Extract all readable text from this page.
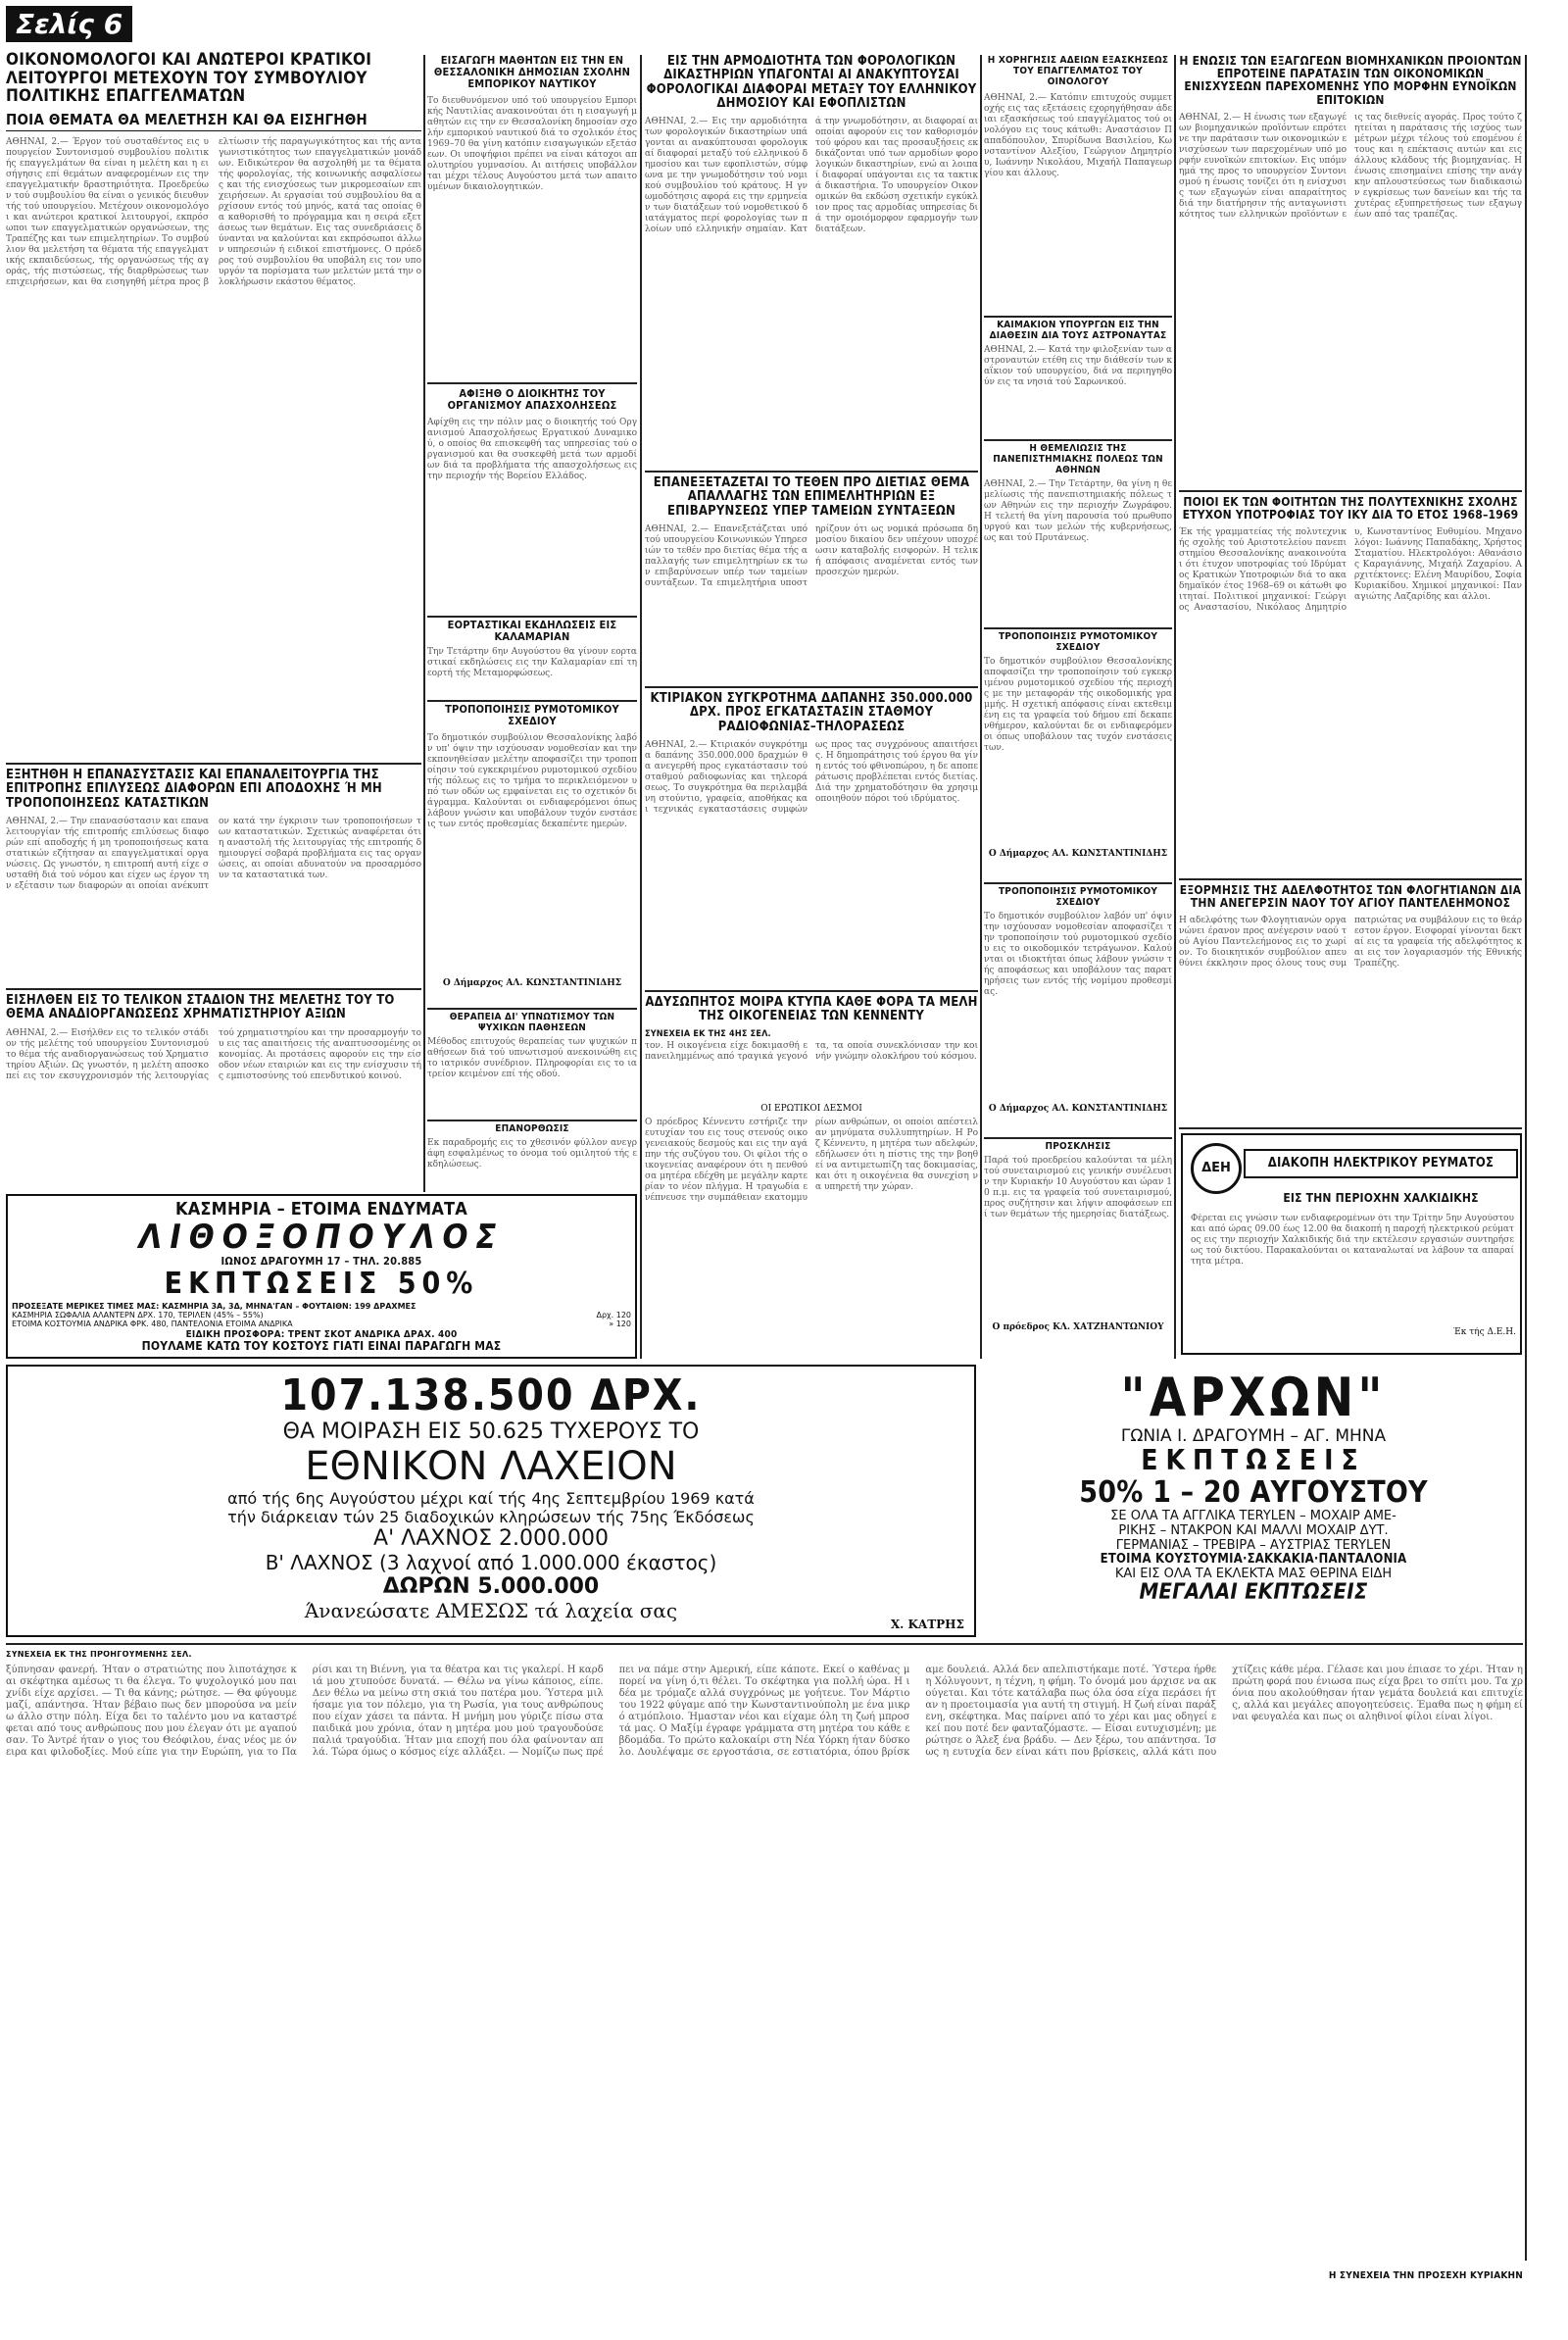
Σελίς 6
ΟΙΚΟΝΟΜΟΛΟΓΟΙ ΚΑΙ ΑΝΩΤΕΡΟΙ ΚΡΑΤΙΚΟΙ ΛΕΙΤΟΥΡΓΟΙ ΜΕΤΕΧΟΥΝ ΤΟΥ ΣΥΜΒΟΥΛΙΟΥ ΠΟΛΙΤΙΚΗΣ ΕΠΑΓΓΕΛΜΑΤΩΝ
ΠΟΙΑ ΘΕΜΑΤΑ ΘΑ ΜΕΛΕΤΗΣΗ ΚΑΙ ΘΑ ΕΙΣΗΓΗΘΗ
ΑΘΗΝΑΙ, 2.— Έργον τού συσταθέντος εις υπουργείον Συντονισμού συμβουλίου πολιτικής επαγγελμάτων θα είναι η μελέτη και η εισήγησις επί θεμάτων αναφερομένων εις την επαγγελματικήν δραστηριότητα. Προεδρεύων τού συμβουλίου θα είναι ο γενικός διευθυντής τού υπουργείου. Μετέχουν οικονομολόγοι και ανώτεροι κρατικοί λειτουργοί, εκπρόσωποι των επαγγελματικών οργανώσεων, της Τραπέζης και των επιμελητηρίων. Το συμβούλιον θα μελετήση τα θέματα τής επαγγελματικής εκπαιδεύσεως, τής οργανώσεως τής αγοράς, τής πιστώσεως, τής διαρθρώσεως των επιχειρήσεων, και θα εισηγηθή μέτρα προς βελτίωσιν τής παραγωγικότητος και τής ανταγωνιστικότητος των επαγγελματικών μονάδων. Ειδικώτερον θα ασχοληθή με τα θέματα τής φορολογίας, τής κοινωνικής ασφαλίσεως και τής ενισχύσεως των μικρομεσαίων επιχειρήσεων. Αι εργασίαι τού συμβουλίου θα αρχίσουν εντός τού μηνός, κατά τας οποίας θα καθορισθή το πρόγραμμα και η σειρά εξετάσεως των θεμάτων. Εις τας συνεδριάσεις δύνανται να καλούνται και εκπρόσωποι άλλων υπηρεσιών ή ειδικοί επιστήμονες. Ο πρόεδρος τού συμβουλίου θα υποβάλη εις τον υπουργόν τα πορίσματα των μελετών μετά την ολοκλήρωσιν εκάστου θέματος.
ΕΞΗΤΗΘΗ Η ΕΠΑΝΑΣΥΣΤΑΣΙΣ ΚΑΙ ΕΠΑΝΑΛΕΙΤΟΥΡΓΙΑ ΤΗΣ ΕΠΙΤΡΟΠΗΣ ΕΠΙΛΥΣΕΩΣ ΔΙΑΦΟΡΩΝ ΕΠΙ ΑΠΟΔΟΧΗΣ Ή ΜΗ ΤΡΟΠΟΠΟΙΗΣΕΩΣ ΚΑΤΑΣΤΙΚΩΝ
ΑΘΗΝΑΙ, 2.— Την επανασύστασιν και επαναλειτουργίαν τής επιτροπής επιλύσεως διαφορών επί αποδοχής ή μη τροποποιήσεως καταστατικών εζήτησαν αι επαγγελματικαί οργανώσεις. Ως γνωστόν, η επιτροπή αυτή είχε συσταθή διά τού νόμου και είχεν ως έργον την εξέτασιν των διαφορών αι οποίαι ανέκυπτον κατά την έγκρισιν των τροποποιήσεων των καταστατικών. Σχετικώς αναφέρεται ότι η αναστολή τής λειτουργίας τής επιτροπής δημιουργεί σοβαρά προβλήματα εις τας οργανώσεις, αι οποίαι αδυνατούν να προσαρμόσουν τα καταστατικά των.
ΕΙΣΗΛΘΕΝ ΕΙΣ ΤΟ ΤΕΛΙΚΟΝ ΣΤΑΔΙΟΝ ΤΗΣ ΜΕΛΕΤΗΣ ΤΟΥ ΤΟ ΘΕΜΑ ΑΝΑΔΙΟΡΓΑΝΩΣΕΩΣ ΧΡΗΜΑΤΙΣΤΗΡΙΟΥ ΑΞΙΩΝ
ΑΘΗΝΑΙ, 2.— Εισήλθεν εις το τελικόν στάδιον τής μελέτης τού υπουργείου Συντονισμού το θέμα τής αναδιοργανώσεως τού Χρηματιστηρίου Αξιών. Ως γνωστόν, η μελέτη αποσκοπεί εις τον εκσυγχρονισμόν τής λειτουργίας τού χρηματιστηρίου και την προσαρμογήν του εις τας απαιτήσεις τής αναπτυσσομένης οικονομίας. Αι προτάσεις αφορούν εις την είσοδον νέων εταιριών και εις την ενίσχυσιν τής εμπιστοσύνης τού επενδυτικού κοινού.
ΕΙΣΑΓΩΓΗ ΜΑΘΗΤΩΝ ΕΙΣ ΤΗΝ ΕΝ ΘΕΣΣΑΛΟΝΙΚΗ ΔΗΜΟΣΙΑΝ ΣΧΟΛΗΝ ΕΜΠΟΡΙΚΟΥ ΝΑΥΤΙΚΟΥ
Το διευθυνόμενον υπό τού υπουργείου Εμπορικής Ναυτιλίας ανακοινούται ότι η εισαγωγή μαθητών εις την εν Θεσσαλονίκη δημοσίαν σχολήν εμπορικού ναυτικού διά το σχολικόν έτος 1969–70 θα γίνη κατόπιν εισαγωγικών εξετάσεων. Οι υποψήφιοι πρέπει να είναι κάτοχοι απολυτηρίου γυμνασίου. Αι αιτήσεις υποβάλλονται μέχρι τέλους Αυγούστου μετά των απαιτουμένων δικαιολογητικών.
ΑΦΙΞΗΘ Ο ΔΙΟΙΚΗΤΗΣ ΤΟΥ ΟΡΓΑΝΙΣΜΟΥ ΑΠΑΣΧΟΛΗΣΕΩΣ
Αφίχθη εις την πόλιν μας ο διοικητής τού Οργανισμού Απασχολήσεως Εργατικού Δυναμικού, ο οποίος θα επισκεφθή τας υπηρεσίας τού οργανισμού και θα συσκεφθή μετά των αρμοδίων διά τα προβλήματα τής απασχολήσεως εις την περιοχήν τής Βορείου Ελλάδος.
ΕΟΡΤΑΣΤΙΚΑΙ ΕΚΔΗΛΩΣΕΙΣ ΕΙΣ ΚΑΛΑΜΑΡΙΑΝ
Την Τετάρτην 6ην Αυγούστου θα γίνουν εορταστικαί εκδηλώσεις εις την Καλαμαρίαν επί τη εορτή τής Μεταμορφώσεως.
ΤΡΟΠΟΠΟΙΗΣΙΣ ΡΥΜΟΤΟΜΙΚΟΥ ΣΧΕΔΙΟΥ
Το δημοτικόν συμβούλιον Θεσσαλονίκης λαβόν υπ' όψιν την ισχύουσαν νομοθεσίαν και την εκπονηθείσαν μελέτην αποφασίζει την τροποποίησιν τού εγκεκριμένου ρυμοτομικού σχεδίου τής πόλεως εις το τμήμα το περικλειόμενον υπό των οδών ως εμφαίνεται εις το σχετικόν διάγραμμα. Καλούνται οι ενδιαφερόμενοι όπως λάβουν γνώσιν και υποβάλουν τυχόν ενστάσεις των εντός προθεσμίας δεκαπέντε ημερών.
Ο Δήμαρχος ΑΛ. ΚΩΝΣΤΑΝΤΙΝΙΔΗΣ
ΘΕΡΑΠΕΙΑ ΔΙ' ΥΠΝΩΤΙΣΜΟΥ ΤΩΝ ΨΥΧΙΚΩΝ ΠΑΘΗΣΕΩΝ
Μέθοδος επιτυχούς θεραπείας των ψυχικών παθήσεων διά τού υπνωτισμού ανεκοινώθη εις το ιατρικόν συνέδριον. Πληροφορίαι εις το ιατρείον κειμένον επί τής οδού.
ΕΠΑΝΟΡΘΩΣΙΣ
Εκ παραδρομής εις το χθεσινόν φύλλον ανεγράφη εσφαλμένως το όνομα τού ομιλητού τής εκδηλώσεως.
ΕΙΣ ΤΗΝ ΑΡΜΟΔΙΟΤΗΤΑ ΤΩΝ ΦΟΡΟΛΟΓΙΚΩΝ ΔΙΚΑΣΤΗΡΙΩΝ ΥΠΑΓΟΝΤΑΙ ΑΙ ΑΝΑΚΥΠΤΟΥΣΑΙ ΦΟΡΟΛΟΓΙΚΑΙ ΔΙΑΦΟΡΑΙ ΜΕΤΑΞΥ ΤΟΥ ΕΛΛΗΝΙΚΟΥ ΔΗΜΟΣΙΟΥ ΚΑΙ ΕΦΟΠΛΙΣΤΩΝ
ΑΘΗΝΑΙ, 2.— Εις την αρμοδιότητα των φορολογικών δικαστηρίων υπάγονται αι ανακύπτουσαι φορολογικαί διαφοραί μεταξύ τού ελληνικού δημοσίου και των εφοπλιστών, σύμφωνα με την γνωμοδότησιν τού νομικού συμβουλίου τού κράτους. Η γνωμοδότησις αφορά εις την ερμηνείαν των διατάξεων τού νομοθετικού διατάγματος περί φορολογίας των πλοίων υπό ελληνικήν σημαίαν. Κατά την γνωμοδότησιν, αι διαφοραί αι οποίαι αφορούν εις τον καθορισμόν τού φόρου και τας προσαυξήσεις εκδικάζονται υπό των αρμοδίων φορολογικών δικαστηρίων, ενώ αι λοιπαί διαφοραί υπάγονται εις τα τακτικά δικαστήρια. Το υπουργείον Οικονομικών θα εκδώση σχετικήν εγκύκλιον προς τας αρμοδίας υπηρεσίας διά την ομοιόμορφον εφαρμογήν των διατάξεων.
ΕΠΑΝΕΞΕΤΑΖΕΤΑΙ ΤΟ ΤΕΘΕΝ ΠΡΟ ΔΙΕΤΙΑΣ ΘΕΜΑ ΑΠΑΛΛΑΓΗΣ ΤΩΝ ΕΠΙΜΕΛΗΤΗΡΙΩΝ ΕΞ ΕΠΙΒΑΡΥΝΣΕΩΣ ΥΠΕΡ ΤΑΜΕΙΩΝ ΣΥΝΤΑΞΕΩΝ
ΑΘΗΝΑΙ, 2.— Επανεξετάζεται υπό τού υπουργείου Κοινωνικών Υπηρεσιών το τεθέν προ διετίας θέμα τής απαλλαγής των επιμελητηρίων εκ των επιβαρύνσεων υπέρ των ταμείων συντάξεων. Τα επιμελητήρια υποστηρίζουν ότι ως νομικά πρόσωπα δημοσίου δικαίου δεν υπέχουν υποχρέωσιν καταβολής εισφορών. Η τελική απόφασις αναμένεται εντός των προσεχών ημερών.
ΚΤΙΡΙΑΚΟΝ ΣΥΓΚΡΟΤΗΜΑ ΔΑΠΑΝΗΣ 350.000.000 ΔΡΧ. ΠΡΟΣ ΕΓΚΑΤΑΣΤΑΣΙΝ ΣΤΑΘΜΟΥ ΡΑΔΙΟΦΩΝΙΑΣ–ΤΗΛΟΡΑΣΕΩΣ
ΑΘΗΝΑΙ, 2.— Κτιριακόν συγκρότημα δαπάνης 350.000.000 δραχμών θα ανεγερθή προς εγκατάστασιν τού σταθμού ραδιοφωνίας και τηλεοράσεως. Το συγκρότημα θα περιλαμβάνη στούντιο, γραφεία, αποθήκας και τεχνικάς εγκαταστάσεις συμφώνως προς τας συγχρόνους απαιτήσεις. Η δημοπράτησις τού έργου θα γίνη εντός τού φθινοπώρου, η δε αποπεράτωσις προβλέπεται εντός διετίας. Διά την χρηματοδότησιν θα χρησιμοποιηθούν πόροι τού ιδρύματος.
ΑΔΥΣΩΠΗΤΟΣ ΜΟΙΡΑ ΚΤΥΠΑ ΚΑΘΕ ΦΟΡΑ ΤΑ ΜΕΛΗ ΤΗΣ ΟΙΚΟΓΕΝΕΙΑΣ ΤΩΝ ΚΕΝΝΕΝΤΥ
ΣΥΝΕΧΕΙΑ ΕΚ ΤΗΣ 4ΗΣ ΣΕΛ.
τον. Η οικογένεια είχε δοκιμασθή επανειλημμένως από τραγικά γεγονότα, τα οποία συνεκλόνισαν την κοινήν γνώμην ολοκλήρου τού κόσμου.
ΟΙ ΕΡΩΤΙΚΟΙ ΔΕΣΜΟΙ
Ο πρόεδρος Κέννεντυ εστήριζε την ευτυχίαν του εις τους στενούς οικογενειακούς δεσμούς και εις την αγάπην τής συζύγου του. Οι φίλοι τής οικογενείας αναφέρουν ότι η πενθούσα μητέρα εδέχθη με μεγάλην καρτερίαν το νέον πλήγμα. Η τραγωδία ενέπνευσε την συμπάθειαν εκατομμυρίων ανθρώπων, οι οποίοι απέστειλαν μηνύματα συλλυπητηρίων. Η Ροζ Κέννεντυ, η μητέρα των αδελφών, εδήλωσεν ότι η πίστις της την βοηθεί να αντιμετωπίζη τας δοκιμασίας, και ότι η οικογένεια θα συνεχίση να υπηρετή την χώραν.
Η ΧΟΡΗΓΗΣΙΣ ΑΔΕΙΩΝ ΕΞΑΣΚΗΣΕΩΣ ΤΟΥ ΕΠΑΓΓΕΛΜΑΤΟΣ ΤΟΥ ΟΙΝΟΛΟΓΟΥ
ΑΘΗΝΑΙ, 2.— Κατόπιν επιτυχούς συμμετοχής εις τας εξετάσεις εχορηγήθησαν άδειαι εξασκήσεως τού επαγγέλματος τού οινολόγου εις τους κάτωθι: Αναστάσιον Παπαδόπουλον, Σπυρίδωνα Βασιλείου, Κωνσταντίνον Αλεξίου, Γεώργιον Δημητρίου, Ιωάννην Νικολάου, Μιχαήλ Παπαγεωργίου και άλλους.
ΚΑΙΜΑΚΙΟΝ ΥΠΟΥΡΓΩΝ ΕΙΣ ΤΗΝ ΔΙΑΘΕΣΙΝ ΔΙΑ ΤΟΥΣ ΑΣΤΡΟΝΑΥΤΑΣ
ΑΘΗΝΑΙ, 2.— Κατά την φιλοξενίαν των αστροναυτών ετέθη εις την διάθεσίν των καΐκιον τού υπουργείου, διά να περιηγηθούν εις τα νησιά τού Σαρωνικού.
Η ΘΕΜΕΛΙΩΣΙΣ ΤΗΣ ΠΑΝΕΠΙΣΤΗΜΙΑΚΗΣ ΠΟΛΕΩΣ ΤΩΝ ΑΘΗΝΩΝ
ΑΘΗΝΑΙ, 2.— Την Τετάρτην, θα γίνη η θεμελίωσις τής πανεπιστημιακής πόλεως των Αθηνών εις την περιοχήν Ζωγράφου. Η τελετή θα γίνη παρουσία τού πρωθυπουργού και των μελών τής κυβερνήσεως, ως και τού Πρυτάνεως.
ΤΡΟΠΟΠΟΙΗΣΙΣ ΡΥΜΟΤΟΜΙΚΟΥ ΣΧΕΔΙΟΥ
Το δημοτικόν συμβούλιον Θεσσαλονίκης αποφασίζει την τροποποίησιν τού εγκεκριμένου ρυμοτομικού σχεδίου τής περιοχής με την μεταφοράν τής οικοδομικής γραμμής. Η σχετική απόφασις είναι εκτεθειμένη εις τα γραφεία τού δήμου επί δεκαπενθήμερον, καλούνται δε οι ενδιαφερόμενοι όπως υποβάλουν τας τυχόν ενστάσεις των.
Ο Δήμαρχος ΑΛ. ΚΩΝΣΤΑΝΤΙΝΙΔΗΣ
ΤΡΟΠΟΠΟΙΗΣΙΣ ΡΥΜΟΤΟΜΙΚΟΥ ΣΧΕΔΙΟΥ
Το δημοτικόν συμβούλιον λαβόν υπ' όψιν την ισχύουσαν νομοθεσίαν αποφασίζει την τροποποίησιν τού ρυμοτομικού σχεδίου εις το οικοδομικόν τετράγωνον. Καλούνται οι ιδιοκτήται όπως λάβουν γνώσιν τής αποφάσεως και υποβάλουν τας παρατηρήσεις των εντός τής νομίμου προθεσμίας.
Ο Δήμαρχος ΑΛ. ΚΩΝΣΤΑΝΤΙΝΙΔΗΣ
ΠΡΟΣΚΛΗΣΙΣ
Παρά τού προεδρείου καλούνται τα μέλη τού συνεταιρισμού εις γενικήν συνέλευσιν την Κυριακήν 10 Αυγούστου και ώραν 10 π.μ. εις τα γραφεία τού συνεταιρισμού, προς συζήτησιν και λήψιν αποφάσεων επί των θεμάτων τής ημερησίας διατάξεως.
Ο πρόεδρος ΚΛ. ΧΑΤΖΗΑΝΤΩΝΙΟΥ
Η ΕΝΩΣΙΣ ΤΩΝ ΕΞΑΓΩΓΕΩΝ ΒΙΟΜΗΧΑΝΙΚΩΝ ΠΡΟΪΟΝΤΩΝ ΕΠΡΟΤΕΙΝΕ ΠΑΡΑΤΑΣΙΝ ΤΩΝ ΟΙΚΟΝΟΜΙΚΩΝ ΕΝΙΣΧΥΣΕΩΝ ΠΑΡΕΧΟΜΕΝΗΣ ΥΠΟ ΜΟΡΦΗΝ ΕΥΝΟΪΚΩΝ ΕΠΙΤΟΚΙΩΝ
ΑΘΗΝΑΙ, 2.— Η ένωσις των εξαγωγέων βιομηχανικών προϊόντων επρότεινε την παράτασιν των οικονομικών ενισχύσεων των παρεχομένων υπό μορφήν ευνοϊκών επιτοκίων. Εις υπόμνημά της προς το υπουργείον Συντονισμού η ένωσις τονίζει ότι η ενίσχυσις των εξαγωγών είναι απαραίτητος διά την διατήρησιν τής ανταγωνιστικότητος των ελληνικών προϊόντων εις τας διεθνείς αγοράς. Προς τούτο ζητείται η παράτασις τής ισχύος των μέτρων μέχρι τέλους τού επομένου έτους και η επέκτασις αυτών και εις άλλους κλάδους τής βιομηχανίας. Η ένωσις επισημαίνει επίσης την ανάγκην απλουστεύσεως των διαδικασιών εγκρίσεως των δανείων και τής ταχυτέρας εξυπηρετήσεως των εξαγωγέων από τας τραπέζας.
ΠΟΙΟΙ ΕΚ ΤΩΝ ΦΟΙΤΗΤΩΝ ΤΗΣ ΠΟΛΥΤΕΧΝΙΚΗΣ ΣΧΟΛΗΣ ΕΤΥΧΟΝ ΥΠΟΤΡΟΦΙΑΣ ΤΟΥ ΙΚΥ ΔΙΑ ΤΟ ΕΤΟΣ 1968–1969
Έκ τής γραμματείας τής πολυτεχνικής σχολής τού Αριστοτελείου πανεπιστημίου Θεσσαλονίκης ανακοινούται ότι έτυχον υποτροφίας τού Ιδρύματος Κρατικών Υποτροφιών διά το ακαδημαϊκόν έτος 1968–69 οι κάτωθι φοιτηταί. Πολιτικοί μηχανικοί: Γεώργιος Αναστασίου, Νικόλαος Δημητρίου, Κωνσταντίνος Ευθυμίου. Μηχανολόγοι: Ιωάννης Παπαδάκης, Χρήστος Σταματίου. Ηλεκτρολόγοι: Αθανάσιος Καραγιάννης, Μιχαήλ Ζαχαρίου. Αρχιτέκτονες: Ελένη Μαυρίδου, Σοφία Κυριακίδου. Χημικοί μηχανικοί: Παναγιώτης Λαζαρίδης και άλλοι.
ΕΞΟΡΜΗΣΙΣ ΤΗΣ ΑΔΕΛΦΟΤΗΤΟΣ ΤΩΝ ΦΛΟΓΗΤΙΑΝΩΝ ΔΙΑ ΤΗΝ ΑΝΕΓΕΡΣΙΝ ΝΑΟΥ ΤΟΥ ΑΓΙΟΥ ΠΑΝΤΕΛΕΗΜΟΝΟΣ
Η αδελφότης των Φλογητιανών οργανώνει έρανον προς ανέγερσιν ναού τού Αγίου Παντελεήμονος εις το χωρίον. Το διοικητικόν συμβούλιον απευθύνει έκκλησιν προς όλους τους συμπατριώτας να συμβάλουν εις το θεάρεστον έργον. Εισφοραί γίνονται δεκταί εις τα γραφεία τής αδελφότητος και εις τον λογαριασμόν τής Εθνικής Τραπέζης.
ΔΕΗ	ΔΙΑΚΟΠΗ ΗΛΕΚΤΡΙΚΟΥ ΡΕΥΜΑΤΟΣ
ΕΙΣ ΤΗΝ ΠΕΡΙΟΧΗΝ ΧΑΛΚΙΔΙΚΗΣ
Φέρεται εις γνώσιν των ενδιαφερομένων ότι την Τρίτην 5ην Αυγούστου και από ώρας 09.00 έως 12.00 θα διακοπή η παροχή ηλεκτρικού ρεύματος εις την περιοχήν Χαλκιδικής διά την εκτέλεσιν εργασιών συντηρήσεως τού δικτύου. Παρακαλούνται οι καταναλωταί να λάβουν τα απαραίτητα μέτρα.
Έκ τής Δ.Ε.Η.
ΚΑΣΜΗΡΙΑ – ΕΤΟΙΜΑ ΕΝΔΥΜΑΤΑ
ΛΙΘΟΞΟΠΟΥΛΟΣ
ΙΩΝΟΣ ΔΡΑΓΟΥΜΗ 17 – ΤΗΛ. 20.885
ΕΚΠΤΩΣΕΙΣ 50%
ΠΡΟΣΕΞΑΤΕ ΜΕΡΙΚΕΣ ΤΙΜΕΣ ΜΑΣ: ΚΑΣΜΗΡΙΑ 3Α, 3Δ, ΜΗΝΑ'ΓΑΝ – ΦΟΥΤΑΙΘΝ: 199 ΔΡΑΧΜΕΣ
ΚΑΣΜΗΡΙΑ ΣΩΦΑΛΙΑ ΑΛΑΝΤΕΡΝ ΔΡΧ. 170, ΤΕΡΙΛΕΝ (45% – 55%)	Δρχ. 120
ΕΤΟΙΜΑ ΚΟΣΤΟΥΜΙΑ ΑΝΔΡΙΚΑ ΦΡΚ. 480, ΠΑΝΤΕΛΟΝΙΑ ΕΤΟΙΜΑ ΑΝΔΡΙΚΑ	» 120
ΕΙΔΙΚΗ ΠΡΟΣΦΟΡΑ: ΤΡΕΝΤ ΣΚΟΤ ΑΝΔΡΙΚΑ ΔΡΑΧ. 400
ΠΟΥΛΑΜΕ ΚΑΤΩ ΤΟΥ ΚΟΣΤΟΥΣ ΓΙΑΤΙ ΕΙΝΑΙ ΠΑΡΑΓΩΓΗ ΜΑΣ
107.138.500 ΔΡΧ.
ΘΑ ΜΟΙΡΑΣΗ ΕΙΣ 50.625 ΤΥΧΕΡΟΥΣ ΤΟ
ΕΘΝΙΚΟΝ ΛΑΧΕΙΟΝ
από τής 6ης Αυγούστου μέχρι καί τής 4ης Σεπτεμβρίου 1969 κατά
τήν διάρκειαν τών 25 διαδοχικών κληρώσεων τής 75ης Έκδόσεως
Α' ΛΑΧΝΟΣ 2.000.000
Β' ΛΑΧΝΟΣ (3 λαχνοί από 1.000.000 έκαστος)
ΔΩΡΩΝ 5.000.000
Άνανεώσατε ΑΜΕΣΩΣ τά λαχεία σας
Χ. ΚΑΤΡΗΣ
"ΑΡΧΩΝ"
ΓΩΝΙΑ Ι. ΔΡΑΓΟΥΜΗ – ΑΓ. ΜΗΝΑ
ΕΚΠΤΩΣΕΙΣ
50% 1 – 20 ΑΥΓΟΥΣΤΟΥ
ΣΕ ΟΛΑ ΤΑ ΑΓΓΛΙΚΑ TERYLEN – ΜΟΧΑΙΡ ΑΜΕ-
ΡΙΚΗΣ – ΝΤΑΚΡΟΝ ΚΑΙ ΜΑΛΛΙ ΜΟΧΑΙΡ ΔΥΤ.
ΓΕΡΜΑΝΙΑΣ – ΤΡΕΒΙΡΑ – ΑΥΣΤΡΙΑΣ TERYLEN
ΕΤΟΙΜΑ ΚΟΥΣΤΟΥΜΙΑ·ΣΑΚΚΑΚΙΑ·ΠΑΝΤΑΛΟΝΙΑ
ΚΑΙ ΕΙΣ ΟΛΑ ΤΑ ΕΚΛΕΚΤΑ ΜΑΣ ΘΕΡΙΝΑ ΕΙΔΗ
ΜΕΓΑΛΑΙ ΕΚΠΤΩΣΕΙΣ
ΣΥΝΕΧΕΙΑ ΕΚ ΤΗΣ ΠΡΟΗΓΟΥΜΕΝΗΣ ΣΕΛ.
ξύπνησαν φανερή. Ήταν ο στρατιώτης που λιποτάχησε και σκέφτηκα αμέσως τι θα έλεγα. Το ψυχολογικό μου παιχνίδι είχε αρχίσει. — Τι θα κάνης; ρώτησε. — Θα φύγουμε μαζί, απάντησα. Ήταν βέβαιο πως δεν μπορούσα να μείνω άλλο στην πόλη. Είχα δει το ταλέντο μου να καταστρέφεται από τους ανθρώπους που μου έλεγαν ότι με αγαπούσαν. Το Άντρέ ήταν ο γιος του Θεόφιλου, ένας νέος με όνειρα και φιλοδοξίες. Μού είπε για την Ευρώπη, για το Παρίσι και τη Βιέννη, για τα θέατρα και τις γκαλερί. Η καρδιά μου χτυπούσε δυνατά. — Θέλω να γίνω κάποιος, είπε. Δεν θέλω να μείνω στη σκιά του πατέρα μου. Ύστερα μιλήσαμε για τον πόλεμο, για τη Ρωσία, για τους ανθρώπους που είχαν χάσει τα πάντα. Η μνήμη μου γύριζε πίσω στα παιδικά μου χρόνια, όταν η μητέρα μου μού τραγουδούσε παλιά τραγούδια. Ήταν μια εποχή που όλα φαίνονταν απλά. Τώρα όμως ο κόσμος είχε αλλάξει. — Νομίζω πως πρέπει να πάμε στην Αμερική, είπε κάποτε. Εκεί ο καθένας μπορεί να γίνη ό,τι θέλει. Το σκέφτηκα για πολλή ώρα. Η ιδέα με τρόμαζε αλλά συγχρόνως με γοήτευε. Τον Μάρτιο του 1922 φύγαμε από την Κωνσταντινούπολη με ένα μικρό ατμόπλοιο. Ήμασταν νέοι και είχαμε όλη τη ζωή μπροστά μας. Ο Μαξίμ έγραφε γράμματα στη μητέρα του κάθε εβδομάδα. Το πρώτο καλοκαίρι στη Νέα Υόρκη ήταν δύσκολο. Δουλέψαμε σε εργοστάσια, σε εστιατόρια, όπου βρίσκαμε δουλειά. Αλλά δεν απελπιστήκαμε ποτέ. Ύστερα ήρθε η Χόλυγουντ, η τέχνη, η φήμη. Το όνομά μου άρχισε να ακούγεται. Και τότε κατάλαβα πως όλα όσα είχα περάσει ήταν η προετοιμασία για αυτή τη στιγμή. Η ζωή είναι παράξενη, σκέφτηκα. Μας παίρνει από το χέρι και μας οδηγεί εκεί που ποτέ δεν φανταζόμαστε. — Είσαι ευτυχισμένη; με ρώτησε ο Άλεξ ένα βράδυ. — Δεν ξέρω, του απάντησα. Ίσως η ευτυχία δεν είναι κάτι που βρίσκεις, αλλά κάτι που χτίζεις κάθε μέρα. Γέλασε και μου έπιασε το χέρι. Ήταν η πρώτη φορά που ένιωσα πως είχα βρει το σπίτι μου. Τα χρόνια που ακολούθησαν ήταν γεμάτα δουλειά και επιτυχίες, αλλά και μεγάλες απογοητεύσεις. Έμαθα πως η φήμη είναι φευγαλέα και πως οι αληθινοί φίλοι είναι λίγοι.
Η ΣΥΝΕΧΕΙΑ ΤΗΝ ΠΡΟΣΕΧΗ ΚΥΡΙΑΚΗΝ
